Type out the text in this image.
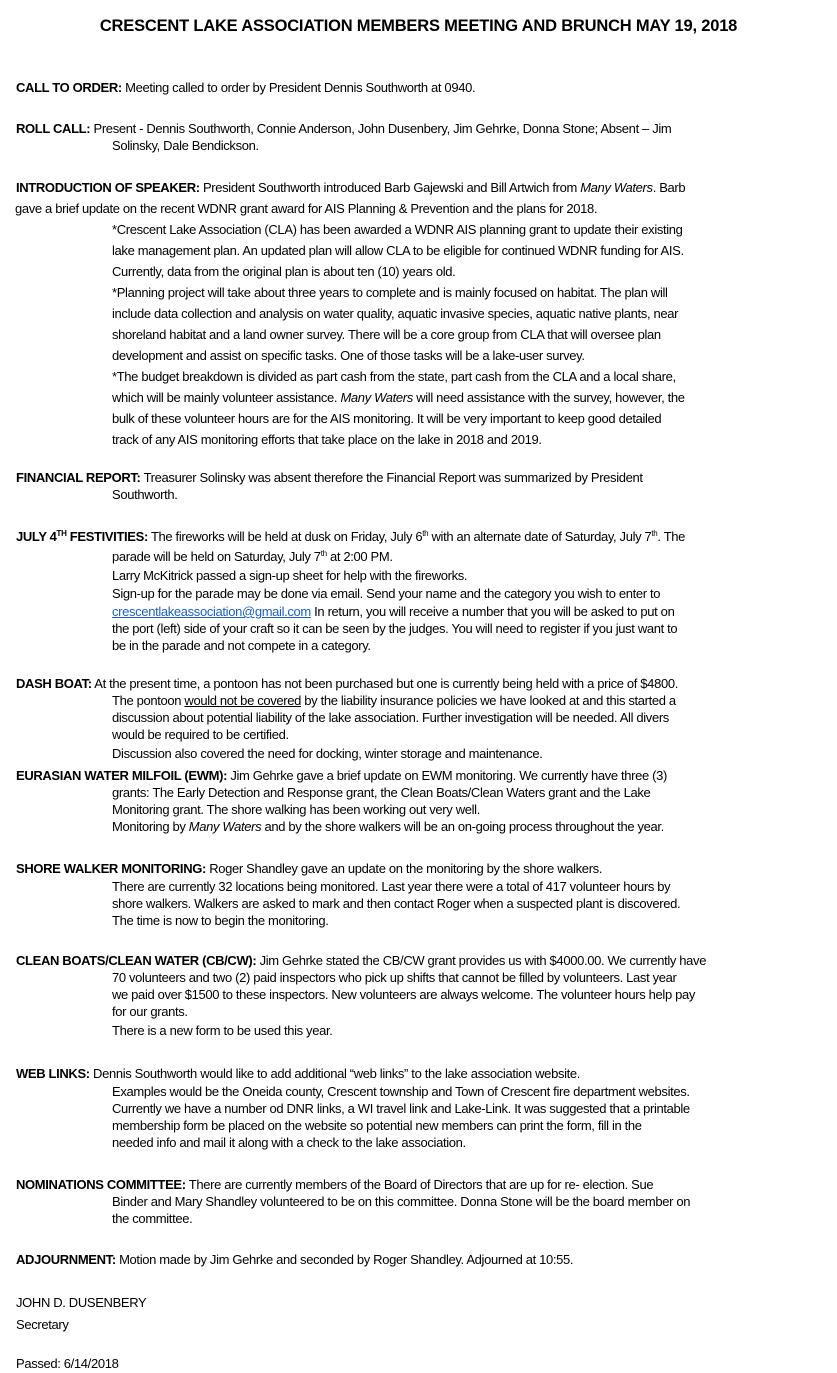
CRESCENT LAKE ASSOCIATION MEMBERS MEETING AND BRUNCH MAY 19, 2018
CALL TO ORDER: Meeting called to order by President Dennis Southworth at 0940.
ROLL CALL: Present - Dennis Southworth, Connie Anderson, John Dusenbery, Jim Gehrke, Donna Stone; Absent – Jim
Solinsky, Dale Bendickson.
INTRODUCTION OF SPEAKER: President Southworth introduced Barb Gajewski and Bill Artwich from Many Waters. Barb
gave a brief update on the recent WDNR grant award for AIS Planning & Prevention and the plans for 2018.
*Crescent Lake Association (CLA) has been awarded a WDNR AIS planning grant to update their existing
lake management plan. An updated plan will allow CLA to be eligible for continued WDNR funding for AIS.
Currently, data from the original plan is about ten (10) years old.
*Planning project will take about three years to complete and is mainly focused on habitat. The plan will
include data collection and analysis on water quality, aquatic invasive species, aquatic native plants, near
shoreland habitat and a land owner survey. There will be a core group from CLA that will oversee plan
development and assist on specific tasks. One of those tasks will be a lake-user survey.
*The budget breakdown is divided as part cash from the state, part cash from the CLA and a local share,
which will be mainly volunteer assistance. Many Waters will need assistance with the survey, however, the
bulk of these volunteer hours are for the AIS monitoring. It will be very important to keep good detailed
track of any AIS monitoring efforts that take place on the lake in 2018 and 2019.
FINANCIAL REPORT: Treasurer Solinsky was absent therefore the Financial Report was summarized by President
Southworth.
JULY 4TH FESTIVITIES: The fireworks will be held at dusk on Friday, July 6th with an alternate date of Saturday, July 7th. The
parade will be held on Saturday, July 7th at 2:00 PM.
Larry McKitrick passed a sign-up sheet for help with the fireworks.
Sign-up for the parade may be done via email. Send your name and the category you wish to enter to
crescentlakeassociation@gmail.com In return, you will receive a number that you will be asked to put on
the port (left) side of your craft so it can be seen by the judges. You will need to register if you just want to
be in the parade and not compete in a category.
DASH BOAT: At the present time, a pontoon has not been purchased but one is currently being held with a price of $4800.
The pontoon would not be covered by the liability insurance policies we have looked at and this started a
discussion about potential liability of the lake association. Further investigation will be needed. All divers
would be required to be certified.
Discussion also covered the need for docking, winter storage and maintenance.
EURASIAN WATER MILFOIL (EWM): Jim Gehrke gave a brief update on EWM monitoring. We currently have three (3)
grants: The Early Detection and Response grant, the Clean Boats/Clean Waters grant and the Lake
Monitoring grant. The shore walking has been working out very well.
Monitoring by Many Waters and by the shore walkers will be an on-going process throughout the year.
SHORE WALKER MONITORING: Roger Shandley gave an update on the monitoring by the shore walkers.
There are currently 32 locations being monitored. Last year there were a total of 417 volunteer hours by
shore walkers. Walkers are asked to mark and then contact Roger when a suspected plant is discovered.
The time is now to begin the monitoring.
CLEAN BOATS/CLEAN WATER (CB/CW): Jim Gehrke stated the CB/CW grant provides us with $4000.00. We currently have
70 volunteers and two (2) paid inspectors who pick up shifts that cannot be filled by volunteers. Last year
we paid over $1500 to these inspectors. New volunteers are always welcome. The volunteer hours help pay
for our grants.
There is a new form to be used this year.
WEB LINKS: Dennis Southworth would like to add additional “web links” to the lake association website.
Examples would be the Oneida county, Crescent township and Town of Crescent fire department websites.
Currently we have a number od DNR links, a WI travel link and Lake-Link. It was suggested that a printable
membership form be placed on the website so potential new members can print the form, fill in the
needed info and mail it along with a check to the lake association.
NOMINATIONS COMMITTEE: There are currently members of the Board of Directors that are up for re- election. Sue
Binder and Mary Shandley volunteered to be on this committee. Donna Stone will be the board member on
the committee.
ADJOURNMENT: Motion made by Jim Gehrke and seconded by Roger Shandley. Adjourned at 10:55.
JOHN D. DUSENBERY
Secretary
Passed: 6/14/2018
